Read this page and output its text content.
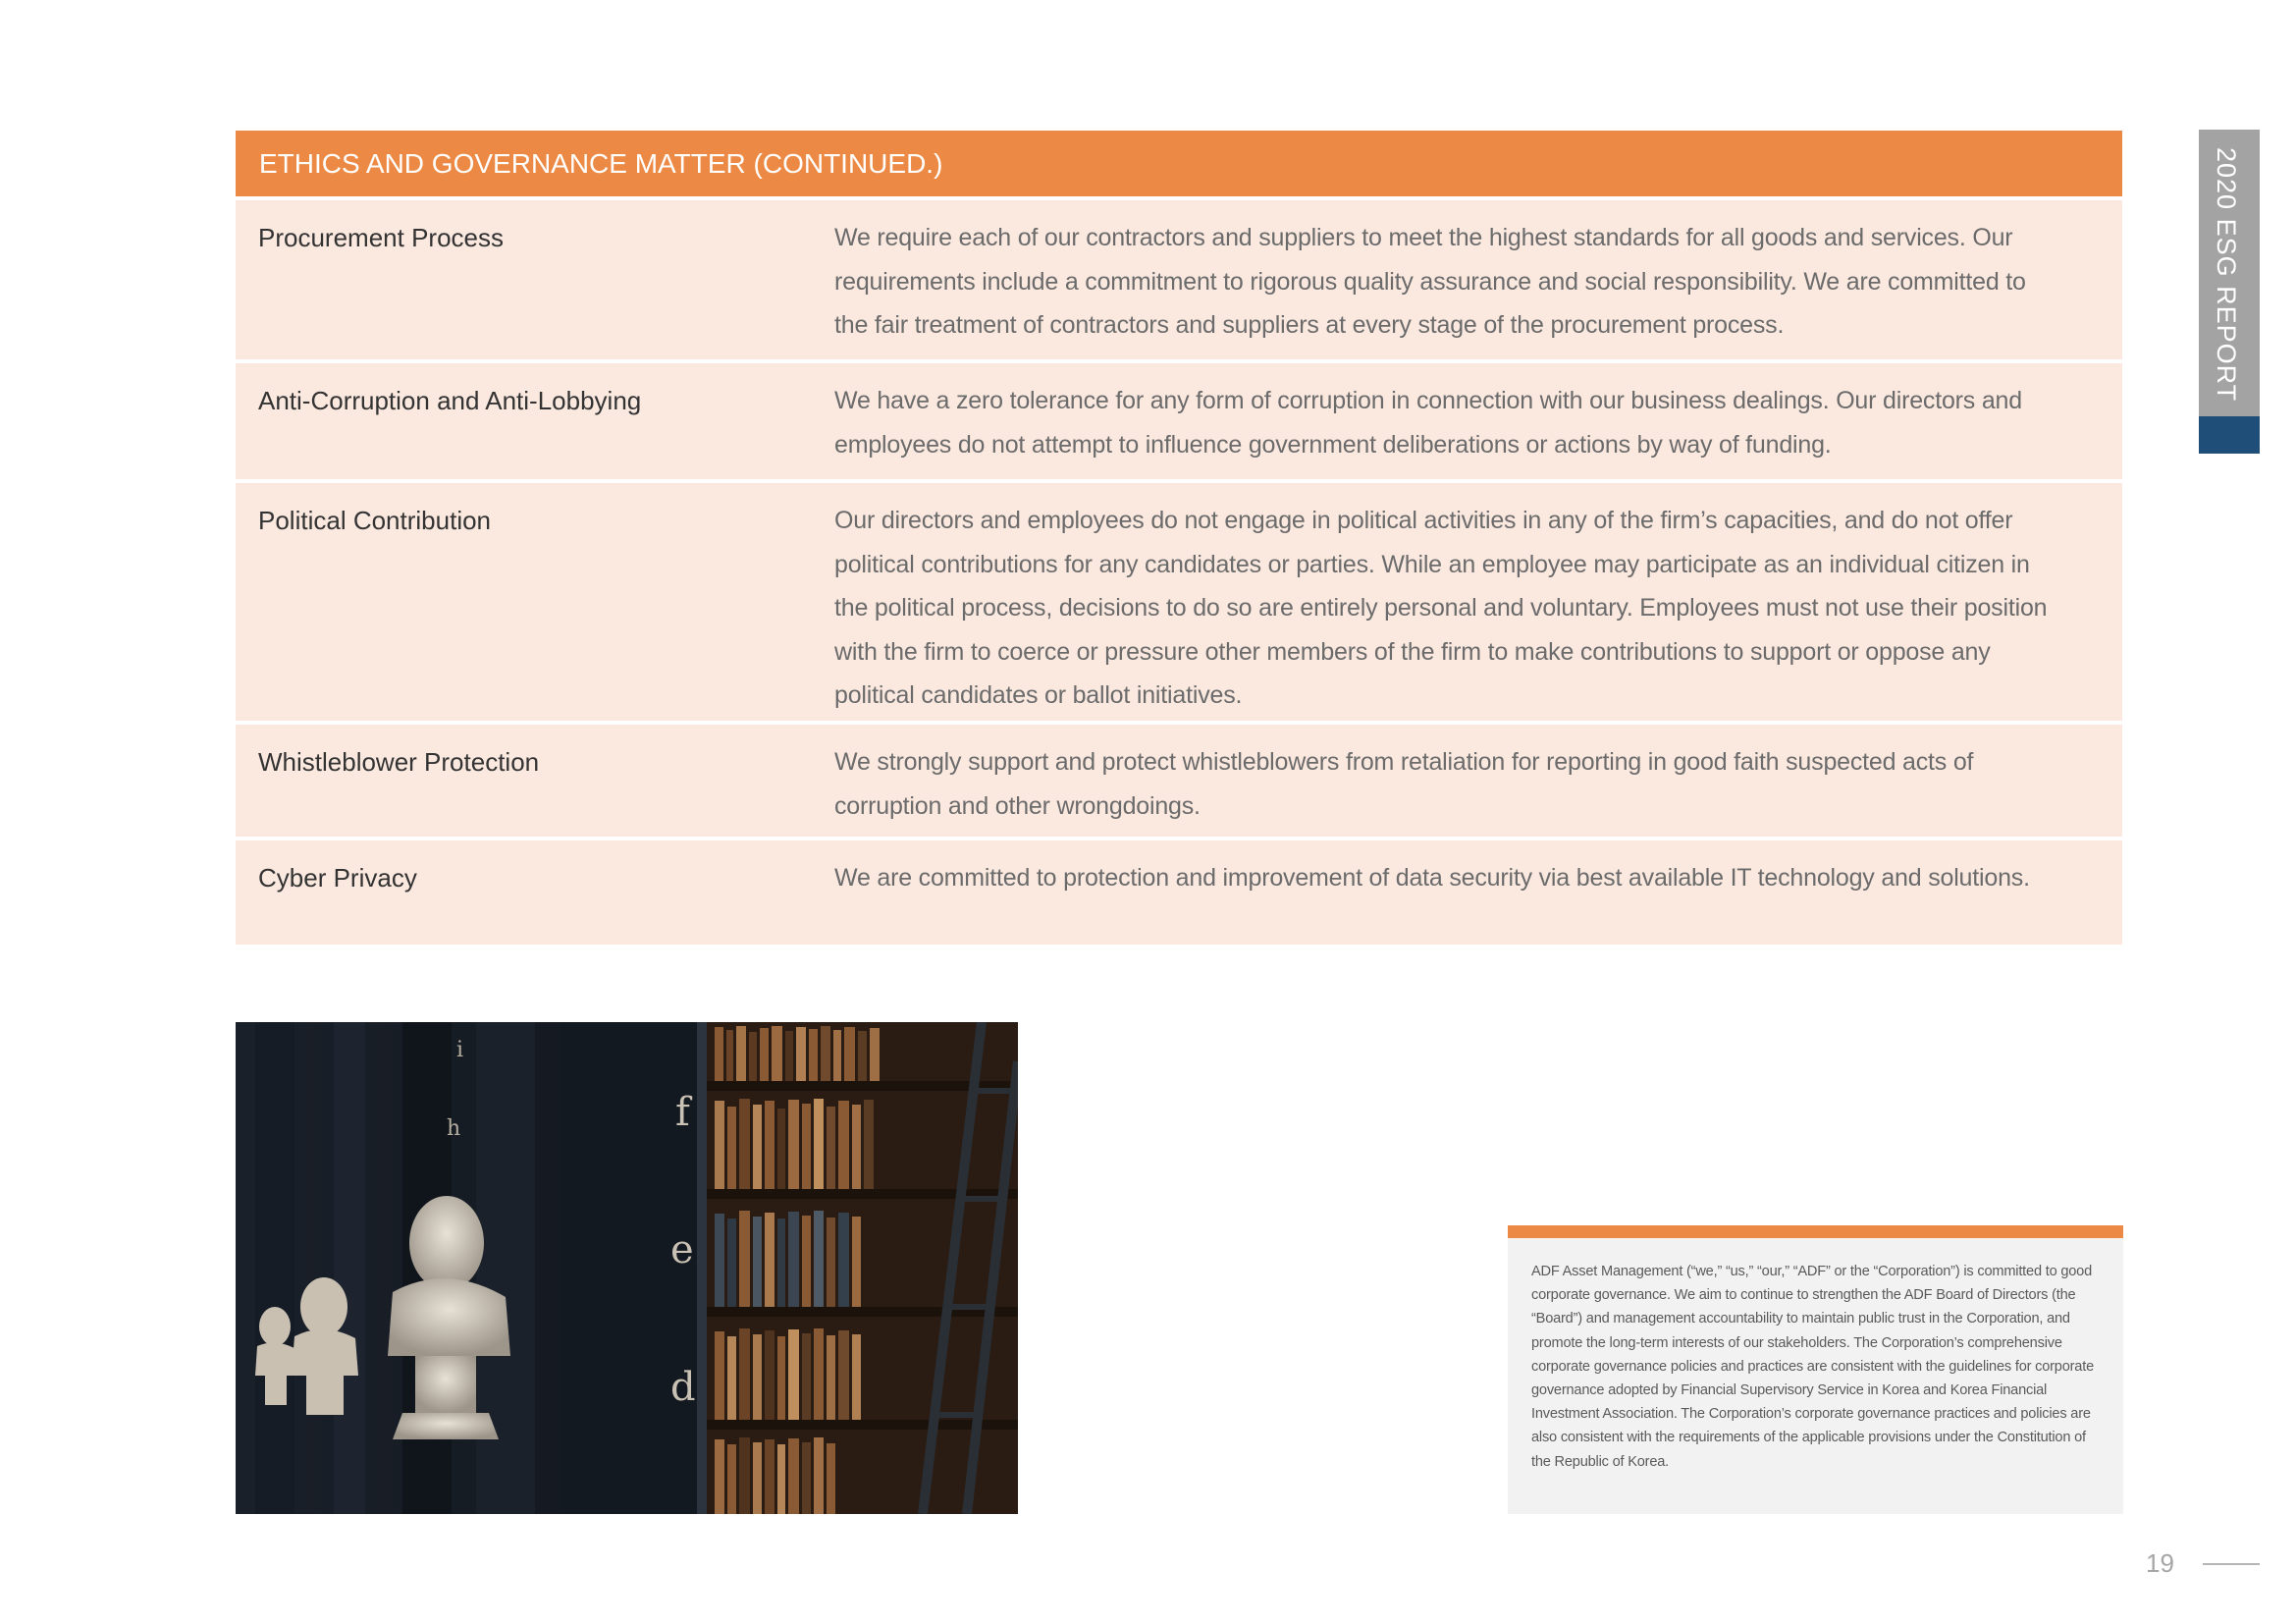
2020 ESG REPORT
ETHICS AND GOVERNANCE MATTER (CONTINUED.)
Procurement Process	We require each of our contractors and suppliers to meet the highest standards for all goods and services. Our requirements include a commitment to rigorous quality assurance and social responsibility. We are committed to the fair treatment of contractors and suppliers at every stage of the procurement process.
Anti-Corruption and Anti-Lobbying	We have a zero tolerance for any form of corruption in connection with our business dealings. Our directors and employees do not attempt to influence government deliberations or actions by way of funding.
Political Contribution	Our directors and employees do not engage in political activities in any of the firm’s capacities, and do not offer political contributions for any candidates or parties. While an employee may participate as an individual citizen in the political process, decisions to do so are entirely personal and voluntary. Employees must not use their position with the firm to coerce or pressure other members of the firm to make contributions to support or oppose any political candidates or ballot initiatives.
Whistleblower Protection	We strongly support and protect whistleblowers from retaliation for reporting in good faith suspected acts of corruption and other wrongdoings.
Cyber Privacy	We are committed to protection and improvement of data security via best available IT technology and solutions.
i
h	f
e
d
ADF Asset Management (“we,” “us,” “our,” “ADF” or the “Corporation”) is committed to good corporate governance. We aim to continue to strengthen the ADF Board of Directors (the “Board”) and management accountability to maintain public trust in the Corporation, and promote the long-term interests of our stakeholders. The Corporation’s comprehensive corporate governance policies and practices are consistent with the guidelines for corporate governance adopted by Financial Supervisory Service in Korea and Korea Financial Investment Association. The Corporation’s corporate governance practices and policies are also consistent with the requirements of the applicable provisions under the Constitution of the Republic of Korea.
19
